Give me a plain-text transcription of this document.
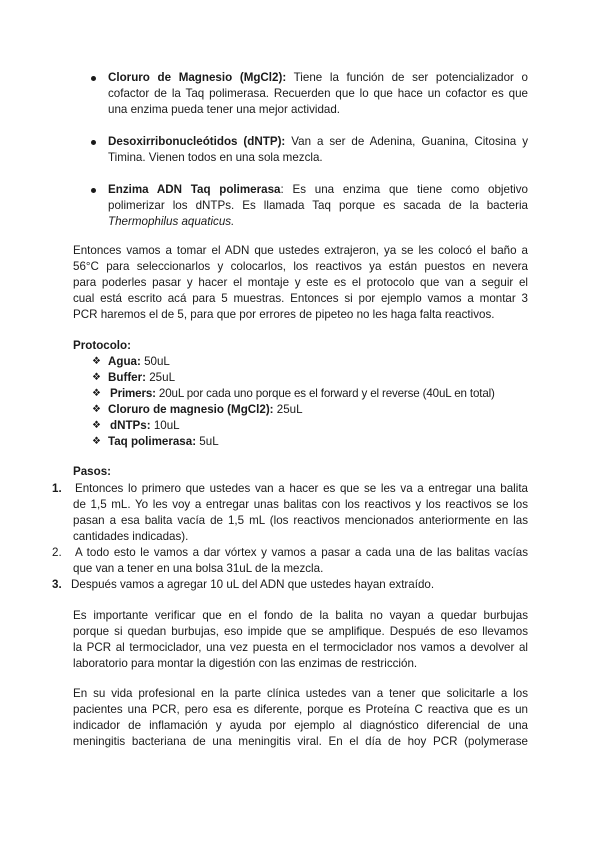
Cloruro de Magnesio (MgCl2): Tiene la función de ser potencializador o
cofactor de la Taq polimerasa. Recuerden que lo que hace un cofactor es que
una enzima pueda tener una mejor actividad.
Desoxirribonucleótidos (dNTP): Van a ser de Adenina, Guanina, Citosina y
Timina. Vienen todos en una sola mezcla.
Enzima ADN Taq polimerasa: Es una enzima que tiene como objetivo
polimerizar los dNTPs. Es llamada Taq porque es sacada de la bacteria
Thermophilus aquaticus.
Entonces vamos a tomar el ADN que ustedes extrajeron, ya se les colocó el baño a
56°C para seleccionarlos y colocarlos, los reactivos ya están puestos en nevera
para poderles pasar y hacer el montaje y este es el protocolo que van a seguir el
cual está escrito acá para 5 muestras. Entonces si por ejemplo vamos a montar 3
PCR haremos el de 5, para que por errores de pipeteo no les haga falta reactivos.
Protocolo:
❖ Agua: 50uL
❖ Buffer: 25uL
❖ Primers: 20uL por cada uno porque es el forward y el reverse (40uL en total)
❖ Cloruro de magnesio (MgCl2): 25uL
❖ dNTPs: 10uL
❖ Taq polimerasa: 5uL
Pasos:
1. Entonces lo primero que ustedes van a hacer es que se les va a entregar una balita
de 1,5 mL. Yo les voy a entregar unas balitas con los reactivos y los reactivos se los
pasan a esa balita vacía de 1,5 mL (los reactivos mencionados anteriormente en las
cantidades indicadas).
2. A todo esto le vamos a dar vórtex y vamos a pasar a cada una de las balitas vacías
que van a tener en una bolsa 31uL de la mezcla.
3. Después vamos a agregar 10 uL del ADN que ustedes hayan extraído.
Es importante verificar que en el fondo de la balita no vayan a quedar burbujas
porque si quedan burbujas, eso impide que se amplifique. Después de eso llevamos
la PCR al termociclador, una vez puesta en el termociclador nos vamos a devolver al
laboratorio para montar la digestión con las enzimas de restricción.
En su vida profesional en la parte clínica ustedes van a tener que solicitarle a los
pacientes una PCR, pero esa es diferente, porque es Proteína C reactiva que es un
indicador de inflamación y ayuda por ejemplo al diagnóstico diferencial de una
meningitis bacteriana de una meningitis viral. En el día de hoy PCR (polymerase
